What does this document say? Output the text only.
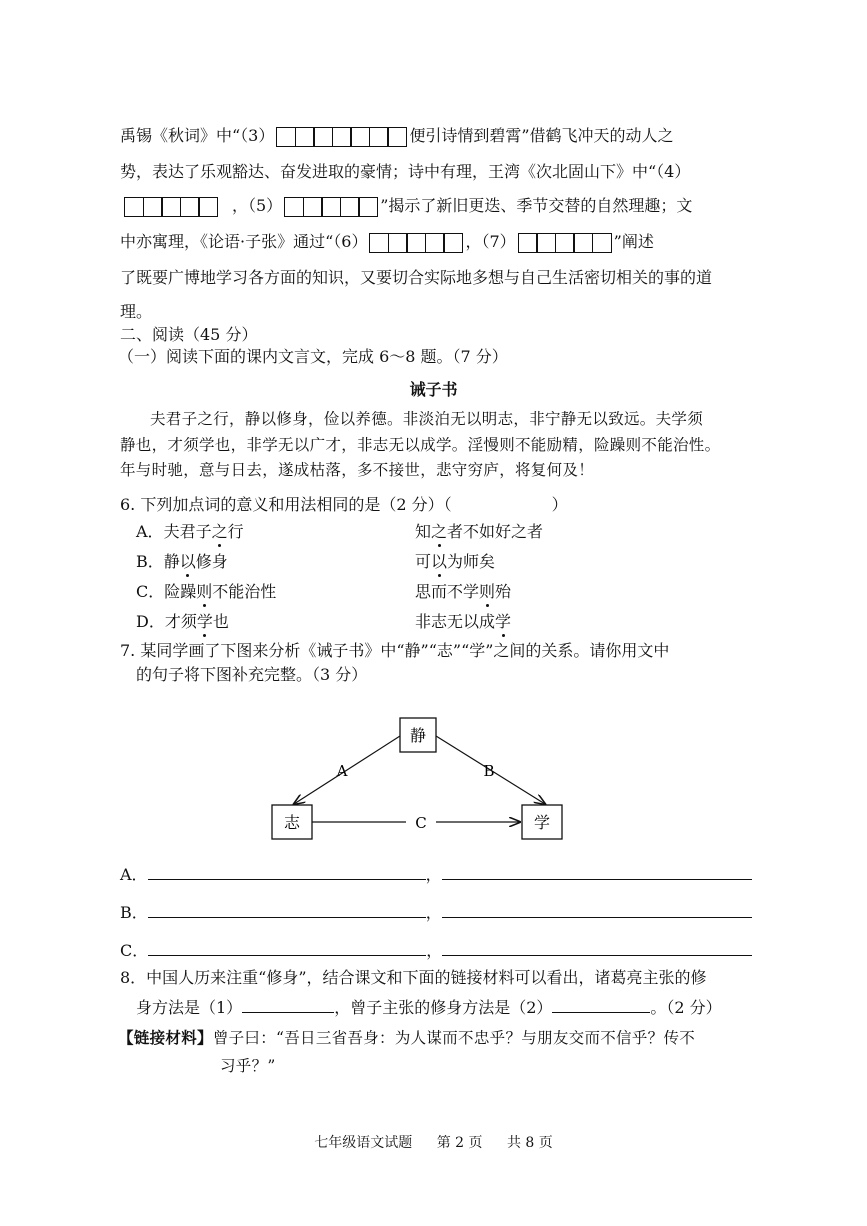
禹锡《秋词》中“（3）	便引诗情到碧霄”借鹤飞冲天的动人之
势，表达了乐观豁达、奋发进取的豪情；诗中有理，王湾《次北固山下》中“（4）
，（5）	”揭示了新旧更迭、季节交替的自然理趣；文
中亦寓理，《论语·子张》通过“（6）	，（7）	”阐述
了既要广博地学习各方面的知识，又要切合实际地多想与自己生活密切相关的事的道
理。
二、阅读（45 分）
（一）阅读下面的课内文言文，完成 6～8 题。（7 分）
诫子书
夫君子之行，静以修身，俭以养德。非淡泊无以明志，非宁静无以致远。夫学须
静也，才须学也，非学无以广才，非志无以成学。淫慢则不能励精，险躁则不能治性。
年与时驰，意与日去，遂成枯落，多不接世，悲守穷庐，将复何及！
6. 下列加点词的意义和用法相同的是（2 分）（	）
A．夫君子之行	知之者不如好之者
B．静以修身	可以为师矣
C．险躁则不能治性	思而不学则殆
D．才须学也	非志无以成学
7. 某同学画了下图来分析《诫子书》中“静”“志”“学”之间的关系。请你用文中
的句子将下图补充完整。（3 分）
静
志	学
A	B
C
A．	，
B．	，
C．	，
8．中国人历来注重“修身”，结合课文和下面的链接材料可以看出，诸葛亮主张的修
身方法是（1）	，曾子主张的修身方法是（2）	。（2 分）
【链接材料】曾子曰：“吾日三省吾身：为人谋而不忠乎？与朋友交而不信乎？传不
习乎？”
七年级语文试题 第 2 页 共 8 页
